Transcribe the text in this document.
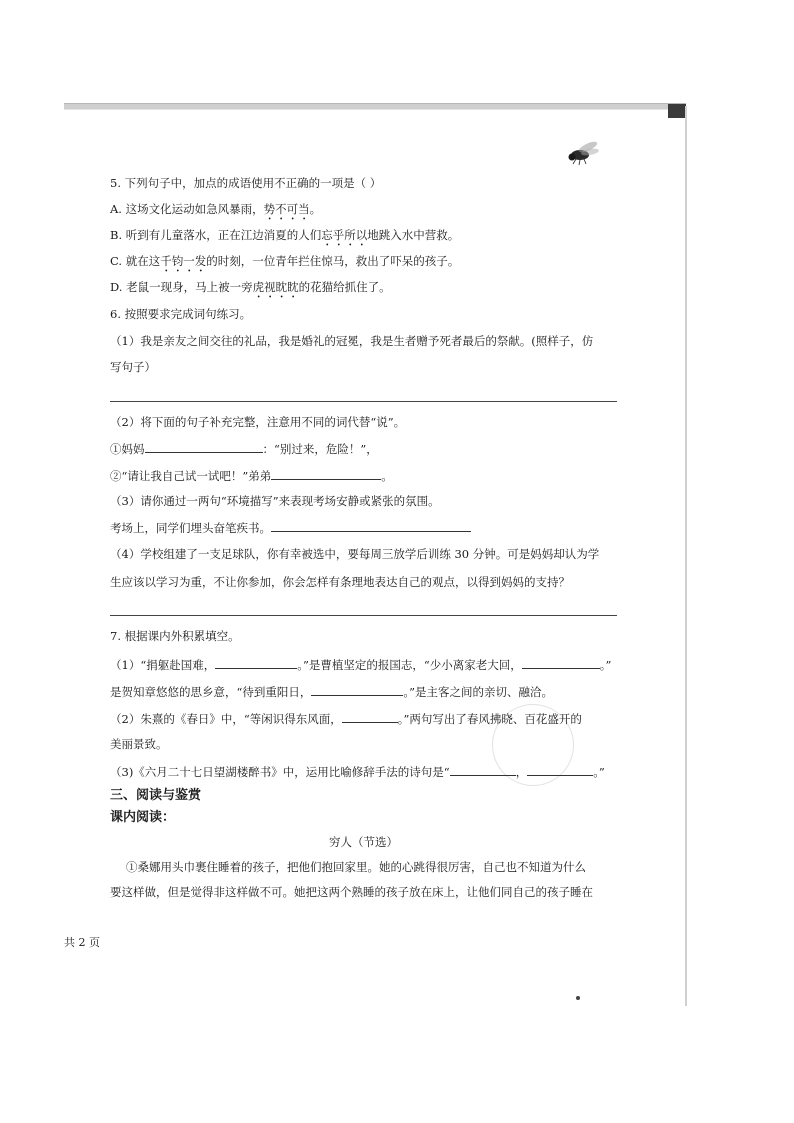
5. 下列句子中，加点的成语使用不正确的一项是（ ）
A. 这场文化运动如急风暴雨，势不可当。
B. 听到有儿童落水，正在江边消夏的人们忘乎所以地跳入水中营救。
C. 就在这千钧一发的时刻，一位青年拦住惊马，救出了吓呆的孩子。
D. 老鼠一现身，马上被一旁虎视眈眈的花猫给抓住了。
6. 按照要求完成词句练习。
（1）我是亲友之间交往的礼品，我是婚礼的冠冕，我是生者赠予死者最后的祭献。(照样子，仿
写句子）
（2）将下面的句子补充完整，注意用不同的词代替“说”。
①妈妈	：“别过来，危险！”，
②“请让我自己试一试吧！”弟弟	。
（3）请你通过一两句“环境描写”来表现考场安静或紧张的氛围。
考场上，同学们埋头奋笔疾书。
（4）学校组建了一支足球队，你有幸被选中，要每周三放学后训练 30 分钟。可是妈妈却认为学
生应该以学习为重，不让你参加，你会怎样有条理地表达自己的观点，以得到妈妈的支持？
7. 根据课内外积累填空。
（1）“捐躯赴国难，	。”是曹植坚定的报国志，“少小离家老大回，	。”
是贺知章悠悠的思乡意，“待到重阳日，	。”是主客之间的亲切、融洽。
（2）朱熹的《春日》中，“等闲识得东风面，	。”两句写出了春风拂晓、百花盛开的
美丽景致。
（3)《六月二十七日望湖楼醉书》中，运用比喻修辞手法的诗句是“	，	。”
三、阅读与鉴赏
课内阅读：
穷人（节选）
①桑娜用头巾裹住睡着的孩子，把他们抱回家里。她的心跳得很厉害，自己也不知道为什么
要这样做，但是觉得非这样做不可。她把这两个熟睡的孩子放在床上，让他们同自己的孩子睡在
共 2 页
